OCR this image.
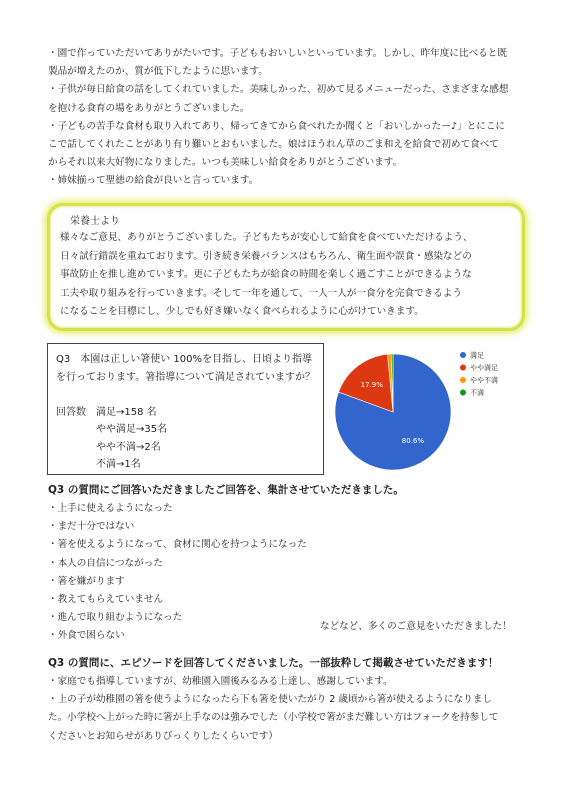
・園で作っていただいてありがたいです。子どももおいしいといっています。しかし、昨年度に比べると既
製品が増えたのか、質が低下したように思います。
・子供が毎日給食の話をしてくれていました。美味しかった、初めて見るメニューだった、さまざまな感想
を抱ける食育の場をありがとうございました。
・子どもの苦手な食材も取り入れてあり、帰ってきてから食べれたか聞くと「おいしかったー♪」とにこに
こで話してくれたことがあり有り難いとおもいました。娘はほうれん草のごま和えを給食で初めて食べて
からそれ以来大好物になりました。いつも美味しい給食をありがとうございます。
・姉妹揃って聖徳の給食が良いと言っています。
栄養士より
様々なご意見、ありがとうございました。子どもたちが安心して給食を食べていただけるよう、
日々試行錯誤を重ねております。引き続き栄養バランスはもちろん、衛生面や誤食・感染などの
事故防止を推し進めています。更に子どもたちが給食の時間を楽しく過ごすことができるような
工夫や取り組みを行っていきます。そして一年を通して、一人一人が一食分を完食できるよう
になることを目標にし、少しでも好き嫌いなく食べられるように心がけていきます。
Q3　本園は正しい箸使い 100%を目指し、日頃より指導
を行っております。箸指導について満足されていますか？

回答数　満足→158 名
　　　　やや満足→35名
　　　　やや不満→2名
　　　　不満→1名
80.6%
17.9%
満足
やや満足
やや不満
不満
Q3 の質問にご回答いただきましたご回答を、集計させていただきました。
・上手に使えるようになった
・まだ十分ではない
・箸を使えるようになって、食材に関心を持つようになった
・本人の自信につながった
・箸を嫌がります
・教えてもらえていません
・進んで取り組むようになった
・外食で困らない
などなど、多くのご意見をいただきました！
Q3 の質問に、エピソードを回答してくださいました。一部抜粋して掲載させていただきます！
・家庭でも指導していますが、幼稚園入園後みるみる上達し、感謝しています。
・上の子が幼稚園の箸を使うようになったら下も箸を使いたがり 2 歳頃から箸が使えるようになりまし
た。小学校へ上がった時に箸が上手なのは強みでした（小学校で箸がまだ難しい方はフォークを持参して
くださいとお知らせがありびっくりしたくらいです）
